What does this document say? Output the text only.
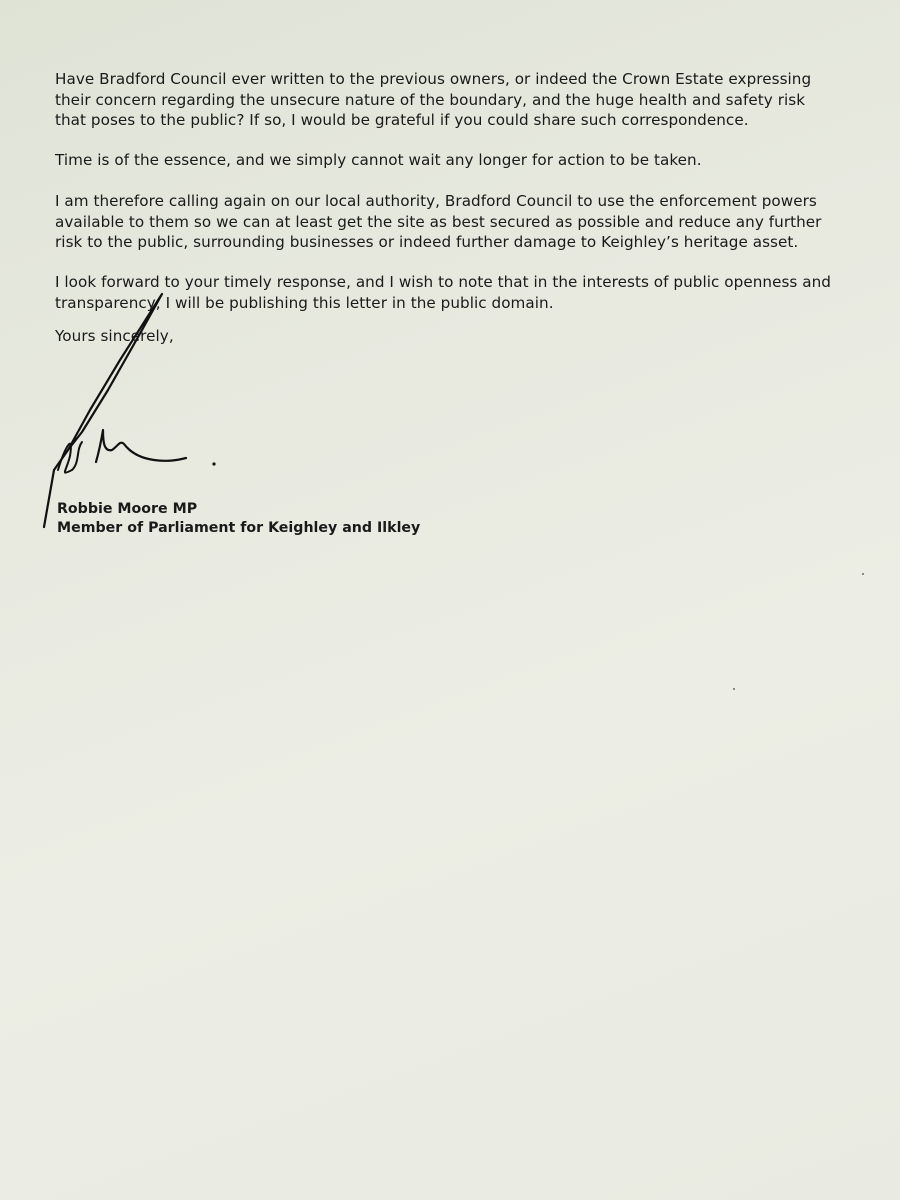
Have Bradford Council ever written to the previous owners, or indeed the Crown Estate expressing
their concern regarding the unsecure nature of the boundary, and the huge health and safety risk
that poses to the public? If so, I would be grateful if you could share such correspondence.

Time is of the essence, and we simply cannot wait any longer for action to be taken.

I am therefore calling again on our local authority, Bradford Council to use the enforcement powers
available to them so we can at least get the site as best secured as possible and reduce any further
risk to the public, surrounding businesses or indeed further damage to Keighley’s heritage asset.

I look forward to your timely response, and I wish to note that in the interests of public openness and
transparency, I will be publishing this letter in the public domain.

Yours sincerely,

Robbie Moore MP

Member of Parliament for Keighley and Ilkley
